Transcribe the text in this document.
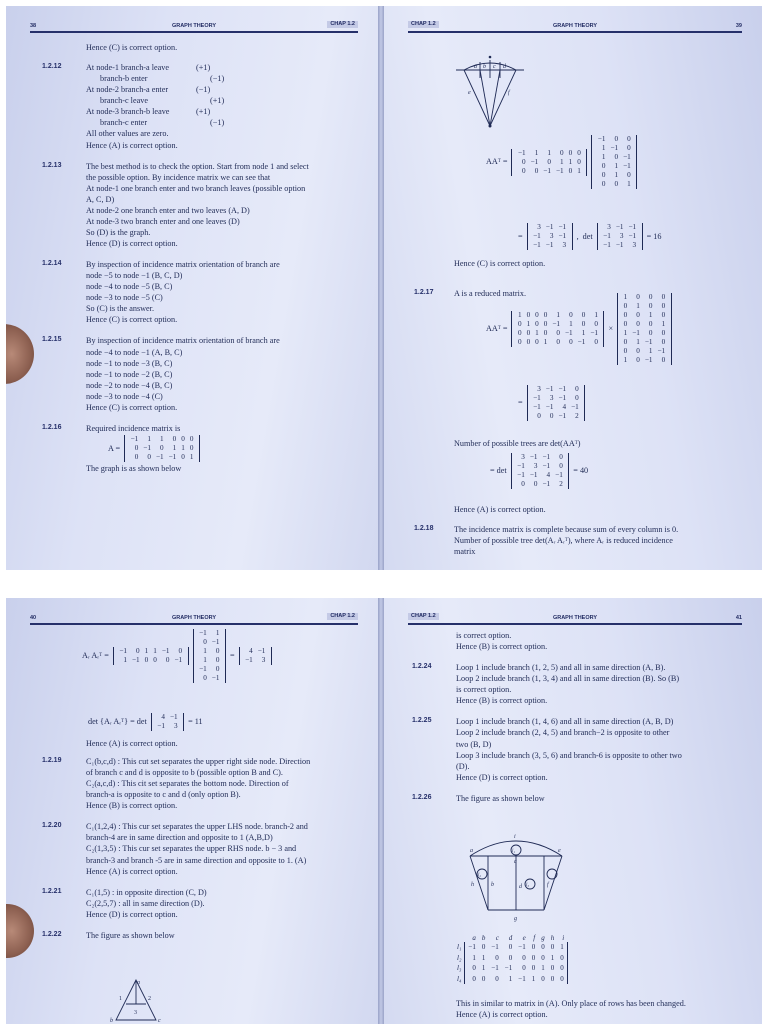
38	GRAPH THEORY	CHAP 1.2
Hence (C) is correct option.
1.2.12	At node-1 branch-a leave	(+1)
branch-b enter	(−1)
At node-2 branch-a enter	(−1)
branch-c leave	(+1)
At node-3 branch-b leave	(+1)
branch-c enter	(−1)
All other values are zero.
Hence (A) is correct option.
1.2.13	The best method is to check the option. Start from node 1 and select
the possible option. By incidence matrix we can see that
At node-1 one branch enter and two branch leaves (possible option
A, C, D)
At node-2 one branch enter and two leaves (A, D)
At node-3 two branch enter and one leaves (D)
So (D) is the graph.
Hence (D) is correct option.
1.2.14	By inspection of incidence matrix orientation of branch are
node −5 to node −1 (B, C, D)
node −4 to node −5 (B, C)
node −3 to node −5 (C)
So (C) is the answer.
Hence (C) is correct option.
1.2.15	By inspection of incidence matrix orientation of branch are
node −4 to node −1 (A, B, C)
node −1 to node −3 (B, C)
node −1 to node −2 (B, C)
node −2 to node −4 (B, C)
node −3 to node −4 (C)
Hence (C) is correct option.
1.2.16	Required incidence matrix is
A =
−1	1	1	0	0	0
0	−1	0	1	1	0
0	0	−1	−1	0	1
The graph is as shown below
CHAP 1.2	GRAPH THEORY	39
a b c d
e	f
AAᵀ =
−1	1	1	0	0	0
0	−1	0	1	1	0
0	0	−1	−1	0	1
−1	0	0
1	−1	0
1	0	−1
0	1	−1
0	1	0
0	0	1
=
3	−1	−1
−1	3	−1
−1	−1	3
, det
3	−1	−1
−1	3	−1
−1	−1	3
= 16
Hence (C) is correct option.
1.2.17	A is a reduced matrix.
AAᵀ =
1	0	0	0	1	0	0	1
0	1	0	0	−1	1	0	0
0	0	1	0	0	−1	1	−1
0	0	0	1	0	0	−1	0
×
1	0	0	0
0	1	0	0
0	0	1	0
0	0	0	1
1	−1	0	0
0	1	−1	0
0	0	1	−1
1	0	−1	0
=
3	−1	−1	0
−1	3	−1	0
−1	−1	4	−1
0	0	−1	2
Number of possible trees are det(AAᵀ)
= det
3	−1	−1	0
−1	3	−1	0
−1	−1	4	−1
0	0	−1	2
= 40
Hence (A) is correct option.
1.2.18	The incidence matrix is complete because sum of every column is 0.
Number of possible tree det(Aᵣ Aᵣᵀ), where Aᵣ is reduced incidence
matrix
40	GRAPH THEORY	CHAP 1.2
Aᵣ Aᵣᵀ =
−1	0	1	1	−1	0
1	−1	0	0	0	−1
−1	1
0	−1
1	0
1	0
−1	0
0	−1
=
4	−1
−1	3
det {Aᵣ Aᵣᵀ} = det
4	−1
−1	3 = 11
Hence (A) is correct option.
1.2.19	C₁(b,c,d) : This cut set separates the upper right side node. Direction
of branch c and d is opposite to b (possible option B and C).
C₂(a,c,d) : This cit set separates the bottom node. Direction of
branch-a is opposite to c and d (only option B).
Hence (B) is correct option.
1.2.20	C₁(1,2,4) : This cur set separates the upper LHS node. branch-2 and
branch-4 are in same direction and opposite to 1 (A,B,D)
C₂(1,3,5) : This cur set separates the upper RHS node. b − 3 and
branch-3 and branch -5 are in same direction and opposite to 1. (A)
Hence (A) is correct option.
1.2.21	C₁(1,5) : in opposite direction (C, D)
C₂(2,5,7) : all in same direction (D).
Hence (D) is correct option.
1.2.22	The figure as shown below
1	2
3
a
b	c
CHAP 1.2	GRAPH THEORY	41
is correct option.
Hence (B) is correct option.
1.2.24	Loop 1 include branch (1, 2, 5) and all in same direction (A, B).
Loop 2 include branch (1, 3, 4) and all in same direction (B). So (B)
is correct option.
Hence (B) is correct option.
1.2.25	Loop 1 include branch (1, 4, 6) and all in same direction (A, B, D)
Loop 2 include branch (2, 4, 5) and branch−2 is opposite to other
two (B, D)
Loop 3 include branch (3, 5, 6) and branch-6 is opposite to other two
(D).
Hence (D) is correct option.
1.2.26	The figure as shown below
a
b
c
d
e
f
g
h
i
l₁
l₂
l₃
	a	b	c	d	e	f	g	h	i
l₁	−1	0	−1	0	−1	0	0	0	1
l₂	1	1	0	0	0	0	0	1	0
l₃	0	1	−1	−1	0	0	1	0	0
l₄	0	0	0	1	−1	1	0	0	0
This in similar to matrix in (A). Only place of rows has been changed.
Hence (A) is correct option.
